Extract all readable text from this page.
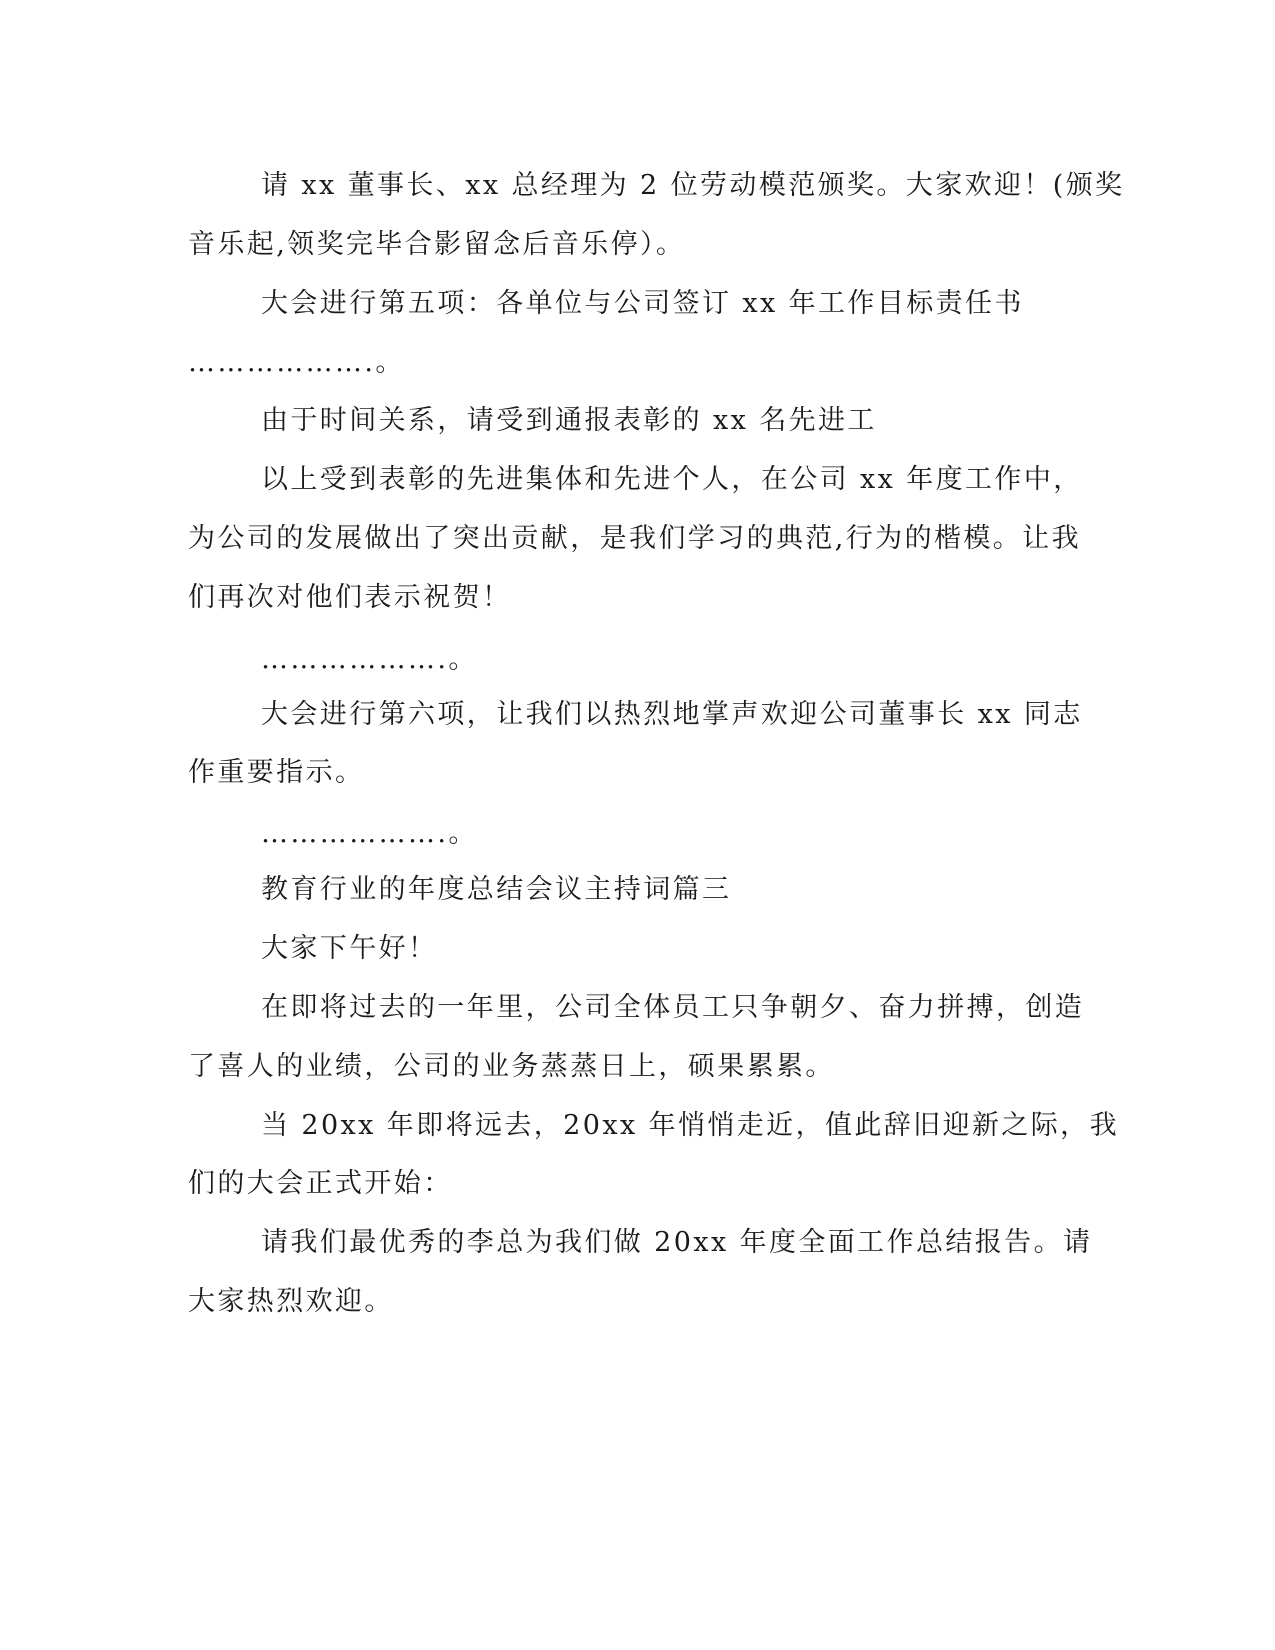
请 xx 董事长、xx 总经理为 2 位劳动模范颁奖。大家欢迎！(颁奖
音乐起,领奖完毕合影留念后音乐停）。
大会进行第五项：各单位与公司签订 xx 年工作目标责任书
……………….。
由于时间关系，请受到通报表彰的 xx 名先进工
以上受到表彰的先进集体和先进个人，在公司 xx 年度工作中，
为公司的发展做出了突出贡献，是我们学习的典范,行为的楷模。让我
们再次对他们表示祝贺！
……………….。
大会进行第六项，让我们以热烈地掌声欢迎公司董事长 xx 同志
作重要指示。
……………….。
教育行业的年度总结会议主持词篇三
大家下午好！
在即将过去的一年里，公司全体员工只争朝夕、奋力拼搏，创造
了喜人的业绩，公司的业务蒸蒸日上，硕果累累。
当 20xx 年即将远去，20xx 年悄悄走近，值此辞旧迎新之际，我
们的大会正式开始：
请我们最优秀的李总为我们做 20xx 年度全面工作总结报告。请
大家热烈欢迎。
